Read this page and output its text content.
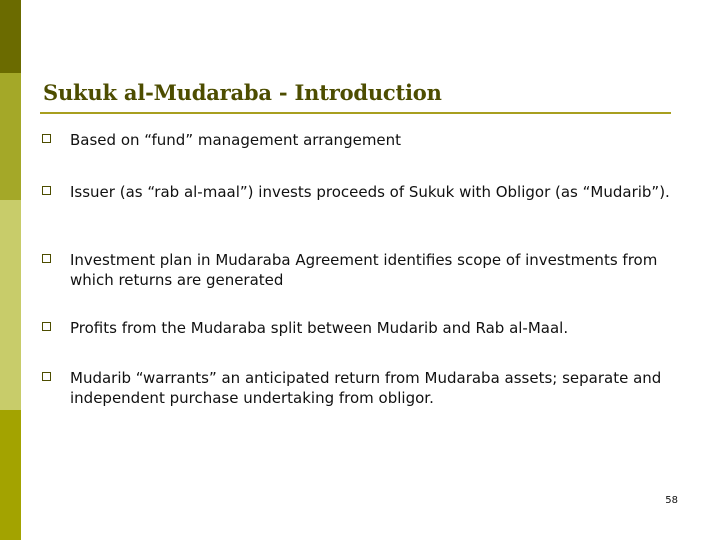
Sukuk al-Mudaraba - Introduction
Based on “fund” management arrangement
Issuer (as “rab al-maal”) invests proceeds of Sukuk with Obligor (as “Mudarib”).
Investment plan in Mudaraba Agreement identifies scope of investments from which returns are generated
Profits from the Mudaraba split between Mudarib and Rab al-Maal.
Mudarib “warrants” an anticipated return from Mudaraba assets; separate and independent purchase undertaking from obligor.
58
